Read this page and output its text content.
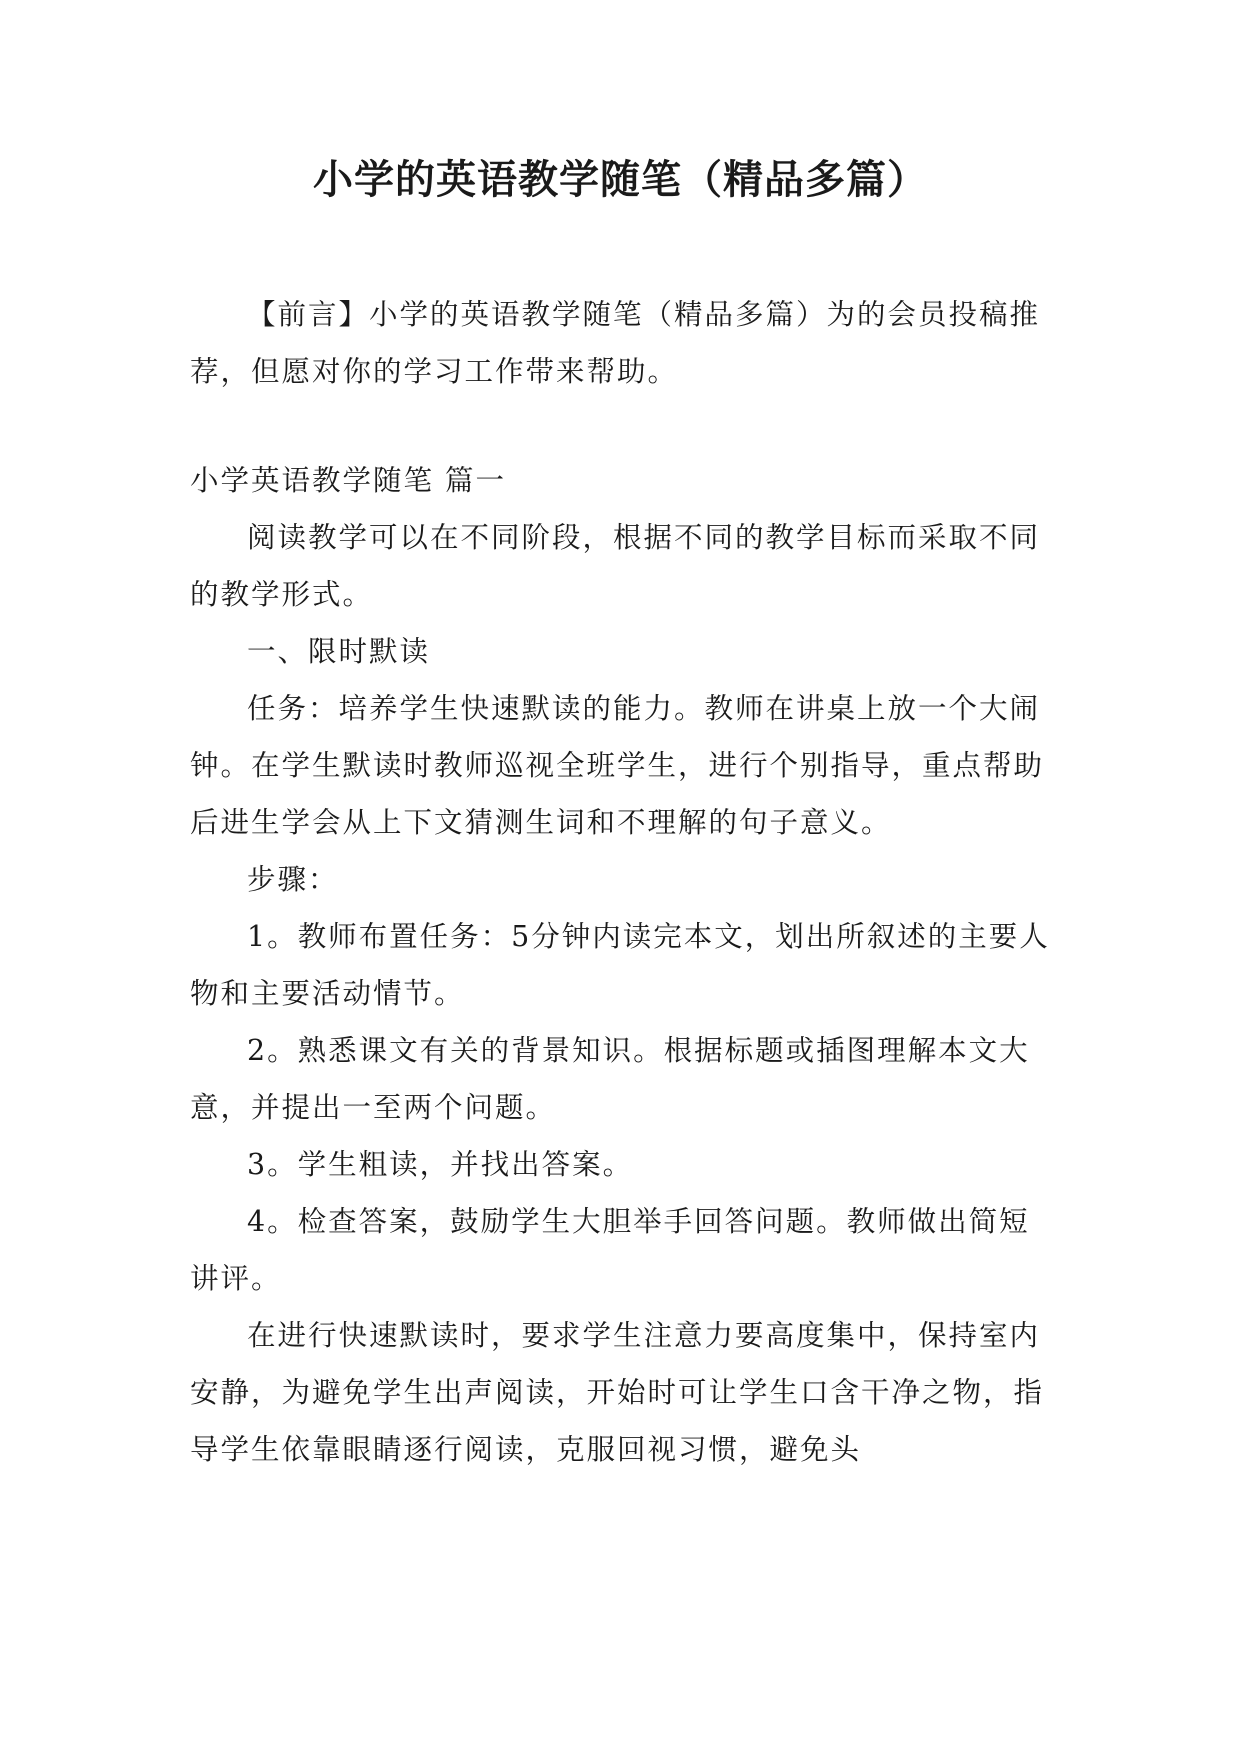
小学的英语教学随笔（精品多篇）

【前言】小学的英语教学随笔（精品多篇）为的会员投稿推荐，但愿对你的学习工作带来帮助。

小学英语教学随笔 篇一

阅读教学可以在不同阶段，根据不同的教学目标而采取不同的教学形式。

一、限时默读

任务：培养学生快速默读的能力。教师在讲桌上放一个大闹钟。在学生默读时教师巡视全班学生，进行个别指导，重点帮助后进生学会从上下文猜测生词和不理解的句子意义。

步骤：

1。教师布置任务：5分钟内读完本文，划出所叙述的主要人物和主要活动情节。

2。熟悉课文有关的背景知识。根据标题或插图理解本文大意，并提出一至两个问题。

3。学生粗读，并找出答案。

4。检查答案，鼓励学生大胆举手回答问题。教师做出简短讲评。

在进行快速默读时，要求学生注意力要高度集中，保持室内安静，为避免学生出声阅读，开始时可让学生口含干净之物，指导学生依靠眼睛逐行阅读，克服回视习惯，避免头
